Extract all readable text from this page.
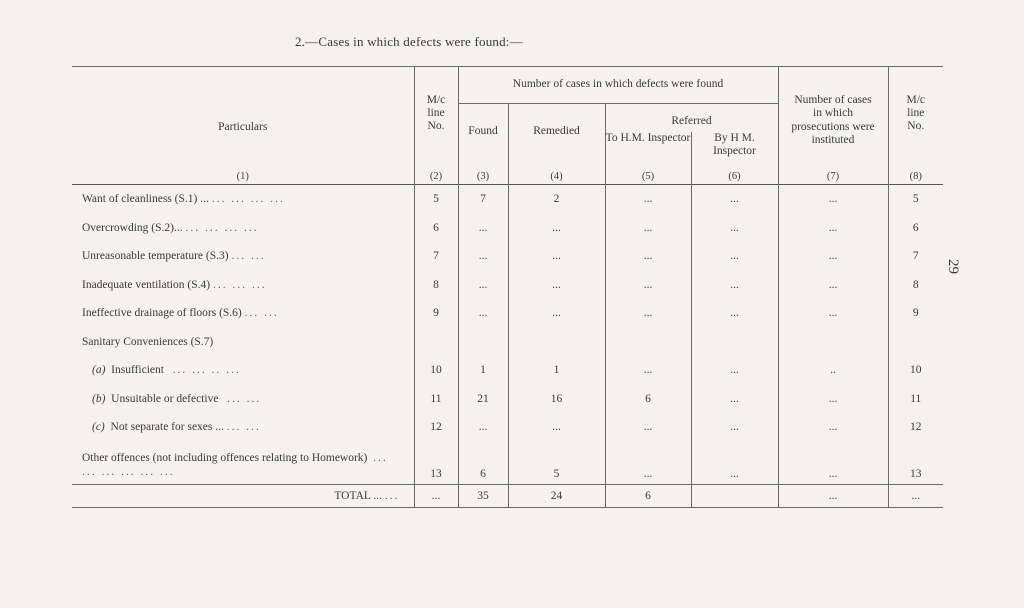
2.—Cases in which defects were found:—
29

Particulars	M/c line No.	Number of cases in which defects were found				Number of cases in which prosecutions were instituted	M/c line No.
		Found	Remedied	Referred			
				To H.M. Inspector	By H M. Inspector		
(1)	(2)	(3)	(4)	(5)	(6)	(7)	(8)

Want of cleanliness (S.1) ... ... ... ... ...	5	7	2	...	...	...	5
Overcrowding (S.2)... ... ... ... ...	6	...	...	...	...	...	6
Unreasonable temperature (S.3) ... ...	7	...	...	...	...	...	7
Inadequate ventilation (S.4) ... ... ...	8	...	...	...	...	...	8
Ineffective drainage of floors (S.6) ... ...	9	...	...	...	...	...	9
Sanitary Conveniences (S.7)							
(a) Insufficient ... ... .. ...	10	1	1	...	...	..	10
(b) Unsuitable or defective ... ...	11	21	16	6	...	...	11
(c) Not separate for sexes ... ... ...	12	...	...	...	...	...	12
Other offences (not including offences relating to Homework) ... ... ... ... ... ...	13	6	5	...	...	...	13
TOTAL ... ...	...	35	24	6		...	...
